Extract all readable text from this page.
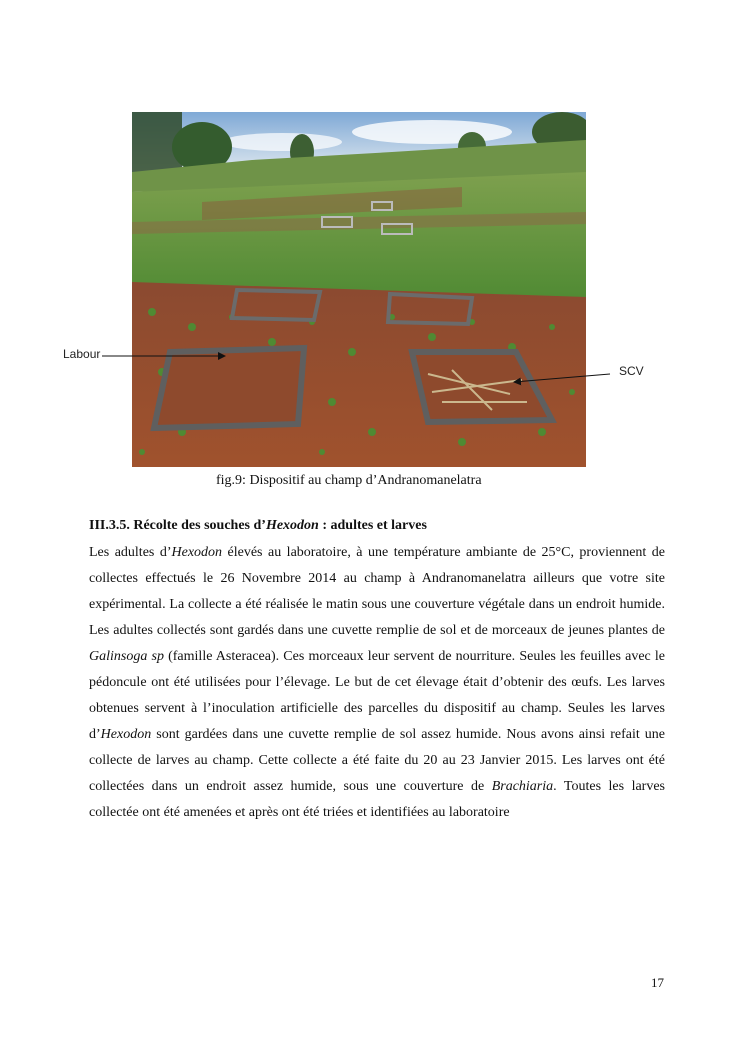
Labour
SCV
fig.9: Dispositif au champ d’Andranomanelatra
III.3.5. Récolte des souches d’Hexodon : adultes et larves
Les adultes d’Hexodon élevés au laboratoire, à une température ambiante de 25°C, proviennent de collectes effectués le 26 Novembre 2014 au champ à Andranomanelatra ailleurs que votre site expérimental. La collecte a été réalisée le matin sous une couverture végétale dans un endroit humide. Les adultes collectés sont gardés dans une cuvette remplie de sol et de morceaux de jeunes plantes de Galinsoga sp (famille Asteracea). Ces morceaux leur servent de nourriture. Seules les feuilles avec le pédoncule ont été utilisées pour l’élevage. Le but de cet élevage était d’obtenir des œufs. Les larves obtenues servent à l’inoculation artificielle des parcelles du dispositif au champ. Seules les larves d’Hexodon sont gardées dans une cuvette remplie de sol assez humide. Nous avons ainsi refait une collecte de larves au champ. Cette collecte a été faite du 20 au 23 Janvier 2015. Les larves ont été collectées dans un endroit assez humide, sous une couverture de Brachiaria. Toutes les larves collectée ont été amenées et après ont été triées et identifiées au laboratoire
17
